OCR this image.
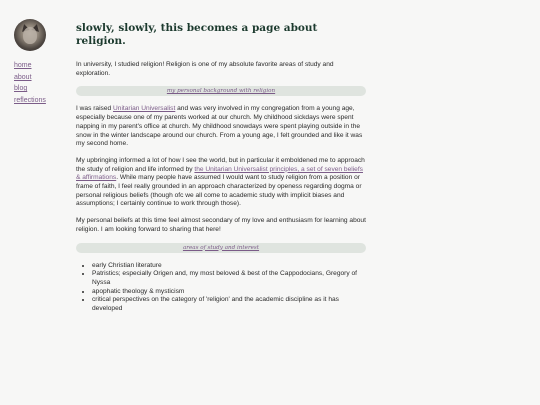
home
about
blog
reflections
slowly, slowly, this becomes a page about religion.

In university, I studied religion! Religion is one of my absolute favorite areas of study and exploration.

my personal background with religion

I was raised Unitarian Universalist and was very involved in my congregation from a young age, especially because one of my parents worked at our church. My childhood sickdays were spent napping in my parent's office at church. My childhood snowdays were spent playing outside in the snow in the winter landscape around our church. From a young age, I felt grounded and like it was my second home.

My upbringing informed a lot of how I see the world, but in particular it emboldened me to approach the study of religion and life informed by the Unitarian Universalist principles, a set of seven beliefs & affirmations. While many people have assumed I would want to study religion from a position or frame of faith, I feel really grounded in an approach characterized by openess regarding dogma or personal religious beliefs (though ofc we all come to academic study with implicit biases and assumptions; I certainly continue to work through those).

My personal beliefs at this time feel almost secondary of my love and enthusiasm for learning about religion. I am looking forward to sharing that here!

areas of study and interest
• early Christian literature
• Patristics; especially Origen and, my most beloved & best of the Cappodocians, Gregory of Nyssa
• apophatic theology & mysticism
• critical perspectives on the category of 'religion' and the academic discipline as it has developed
